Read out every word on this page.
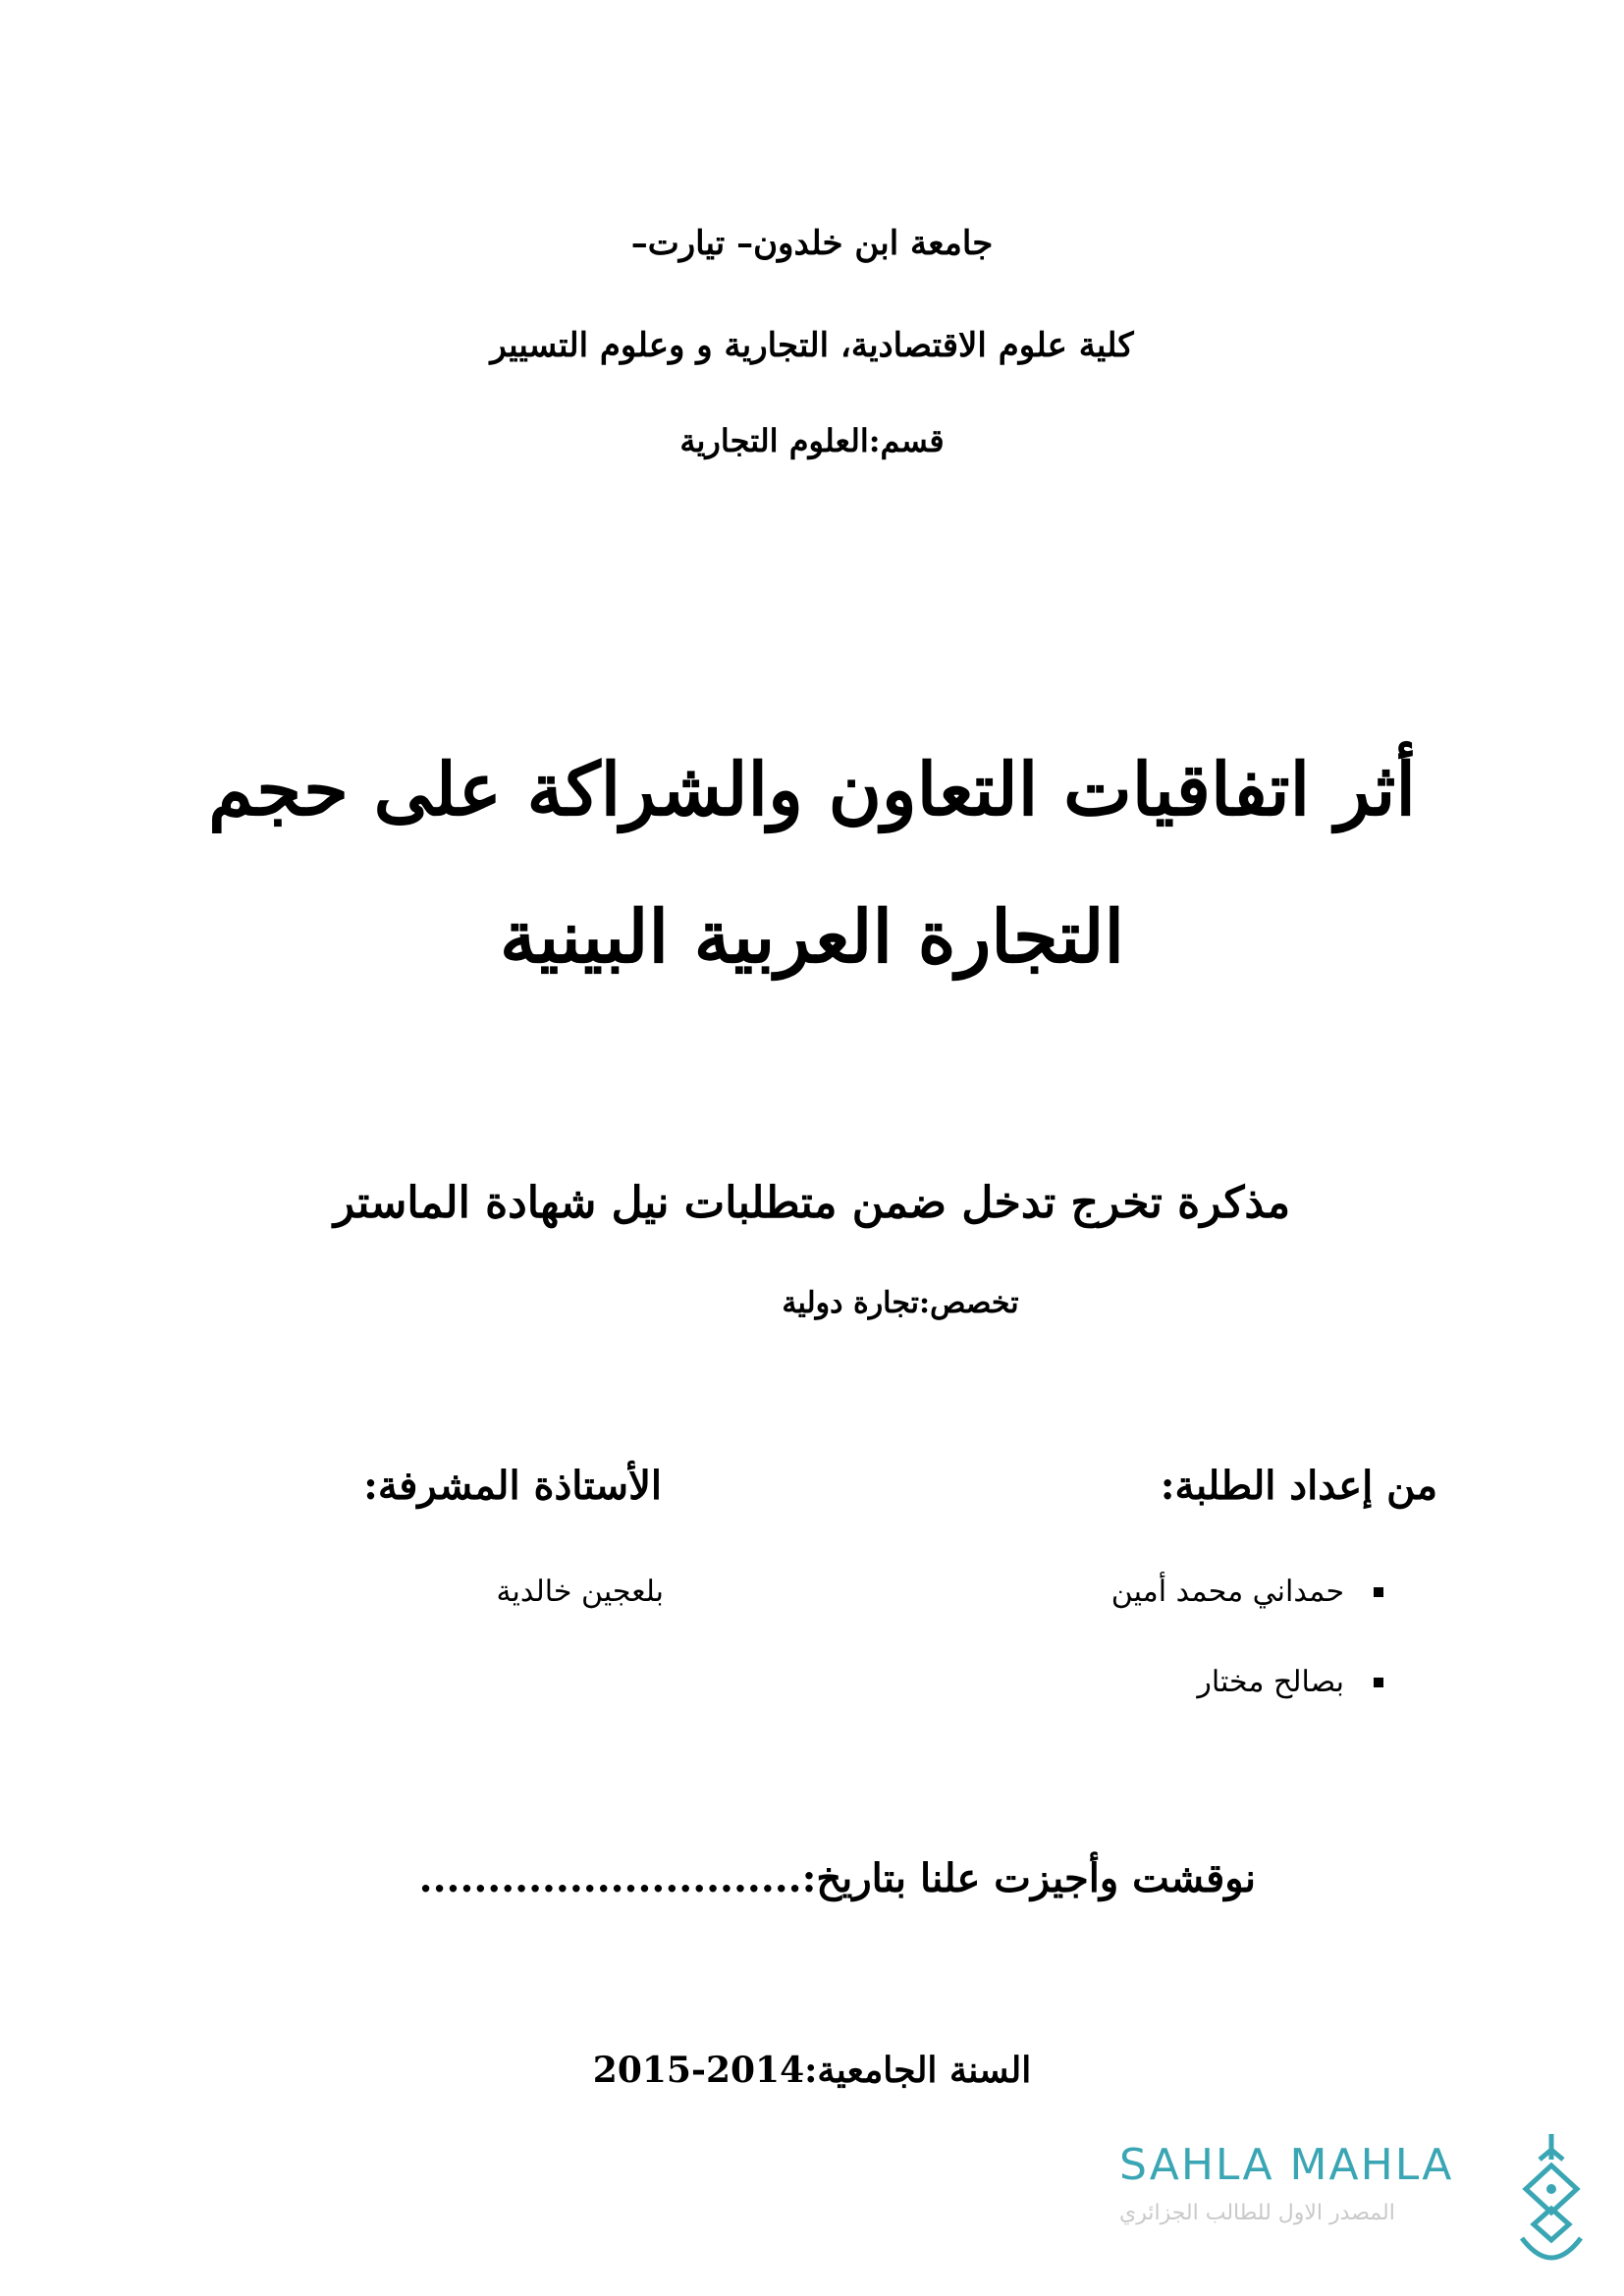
جامعة ابن خلدون– تيارت–
كلية علوم الاقتصادية، التجارية و وعلوم التسيير
قسم:العلوم التجارية
أثر اتفاقيات التعاون والشراكة على حجم
التجارة العربية البينية
مذكرة تخرج تدخل ضمن متطلبات نيل شهادة الماستر
تخصص:تجارة دولية
من إعداد الطلبة:
الأستاذة المشرفة:
حمداني محمد أمين
بصالح مختار
بلعجين خالدية
نوقشت وأجيزت علنا بتاريخ:............................
السنة الجامعية:2014-2015
SAHLA MAHLA
المصدر الاول للطالب الجزائري
